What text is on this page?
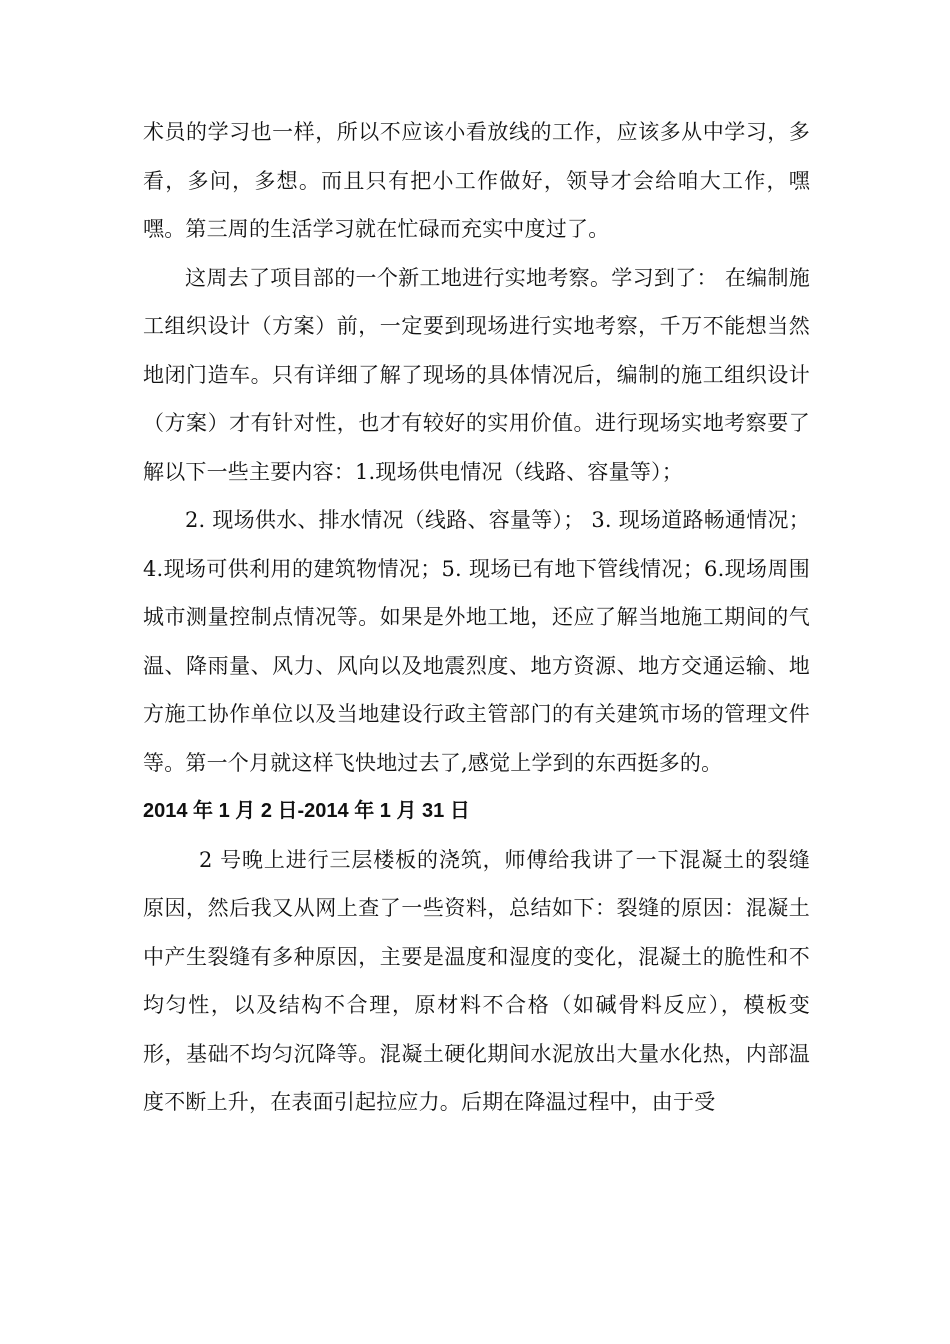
术员的学习也一样，所以不应该小看放线的工作，应该多从中学习，多看，多问，多想。而且只有把小工作做好，领导才会给咱大工作，嘿嘿。第三周的生活学习就在忙碌而充实中度过了。

这周去了项目部的一个新工地进行实地考察。学习到了： 在编制施工组织设计（方案）前，一定要到现场进行实地考察，千万不能想当然地闭门造车。只有详细了解了现场的具体情况后，编制的施工组织设计（方案）才有针对性，也才有较好的实用价值。进行现场实地考察要了解以下一些主要内容：1.现场供电情况（线路、容量等）；

2. 现场供水、排水情况（线路、容量等）； 3. 现场道路畅通情况；4.现场可供利用的建筑物情况；5. 现场已有地下管线情况；6.现场周围城市测量控制点情况等。如果是外地工地，还应了解当地施工期间的气温、降雨量、风力、风向以及地震烈度、地方资源、地方交通运输、地方施工协作单位以及当地建设行政主管部门的有关建筑市场的管理文件等。第一个月就这样飞快地过去了,感觉上学到的东西挺多的。

2014 年 1 月 2 日-2014 年 1 月 31 日

2 号晚上进行三层楼板的浇筑，师傅给我讲了一下混凝土的裂缝原因，然后我又从网上查了一些资料，总结如下：裂缝的原因：混凝土中产生裂缝有多种原因，主要是温度和湿度的变化，混凝土的脆性和不均匀性，以及结构不合理，原材料不合格（如碱骨料反应），模板变形，基础不均匀沉降等。混凝土硬化期间水泥放出大量水化热，内部温度不断上升，在表面引起拉应力。后期在降温过程中，由于受
